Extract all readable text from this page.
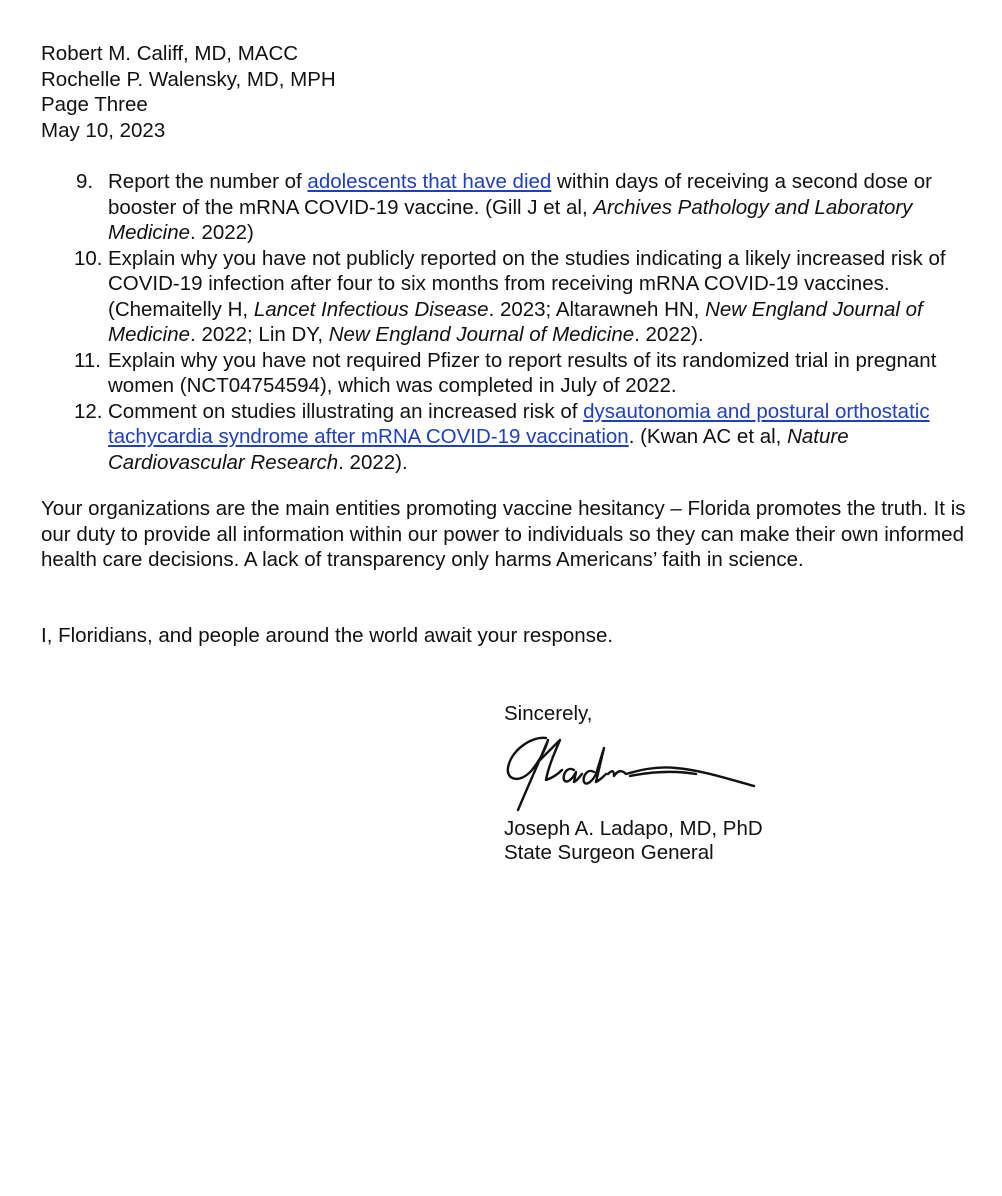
Robert M. Califf, MD, MACC
Rochelle P. Walensky, MD, MPH
Page Three
May 10, 2023
9. Report the number of adolescents that have died within days of receiving a second dose or booster of the mRNA COVID-19 vaccine. (Gill J et al, Archives Pathology and Laboratory Medicine. 2022)
10. Explain why you have not publicly reported on the studies indicating a likely increased risk of COVID-19 infection after four to six months from receiving mRNA COVID-19 vaccines. (Chemaitelly H, Lancet Infectious Disease. 2023; Altarawneh HN, New England Journal of Medicine. 2022; Lin DY, New England Journal of Medicine. 2022).
11. Explain why you have not required Pfizer to report results of its randomized trial in pregnant women (NCT04754594), which was completed in July of 2022.
12. Comment on studies illustrating an increased risk of dysautonomia and postural orthostatic tachycardia syndrome after mRNA COVID-19 vaccination. (Kwan AC et al, Nature Cardiovascular Research. 2022).

Your organizations are the main entities promoting vaccine hesitancy – Florida promotes the truth. It is our duty to provide all information within our power to individuals so they can make their own informed health care decisions. A lack of transparency only harms Americans’ faith in science.

I, Floridians, and people around the world await your response.

Sincerely,
Joseph A. Ladapo, MD, PhD
State Surgeon General
